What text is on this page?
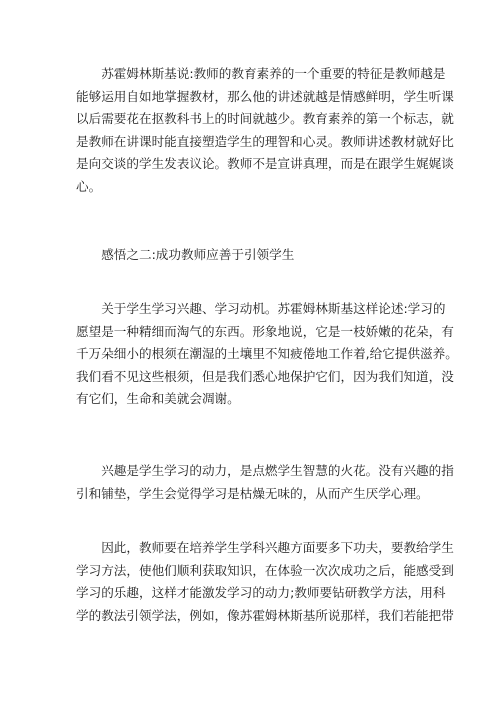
　　苏霍姆林斯基说:教师的教育素养的一个重要的特征是教师越是
能够运用自如地掌握教材，那么他的讲述就越是情感鲜明，学生听课
以后需要花在抠教科书上的时间就越少。教育素养的第一个标志，就
是教师在讲课时能直接塑造学生的理智和心灵。教师讲述教材就好比
是向交谈的学生发表议论。教师不是宣讲真理，而是在跟学生娓娓谈
心。

　　感悟之二:成功教师应善于引领学生

　　关于学生学习兴趣、学习动机。苏霍姆林斯基这样论述:学习的
愿望是一种精细而淘气的东西。形象地说，它是一枝娇嫩的花朵，有
千万朵细小的根须在潮湿的土壤里不知疲倦地工作着,给它提供滋养。
我们看不见这些根须，但是我们悉心地保护它们，因为我们知道，没
有它们，生命和美就会凋谢。

　　兴趣是学生学习的动力，是点燃学生智慧的火花。没有兴趣的指
引和铺垫，学生会觉得学习是枯燥无味的，从而产生厌学心理。

　　因此，教师要在培养学生学科兴趣方面要多下功夫，要教给学生
学习方法，使他们顺利获取知识，在体验一次次成功之后，能感受到
学习的乐趣，这样才能激发学习的动力;教师要钻研教学方法，用科
学的教法引领学法，例如，像苏霍姆林斯基所说那样，我们若能把带
